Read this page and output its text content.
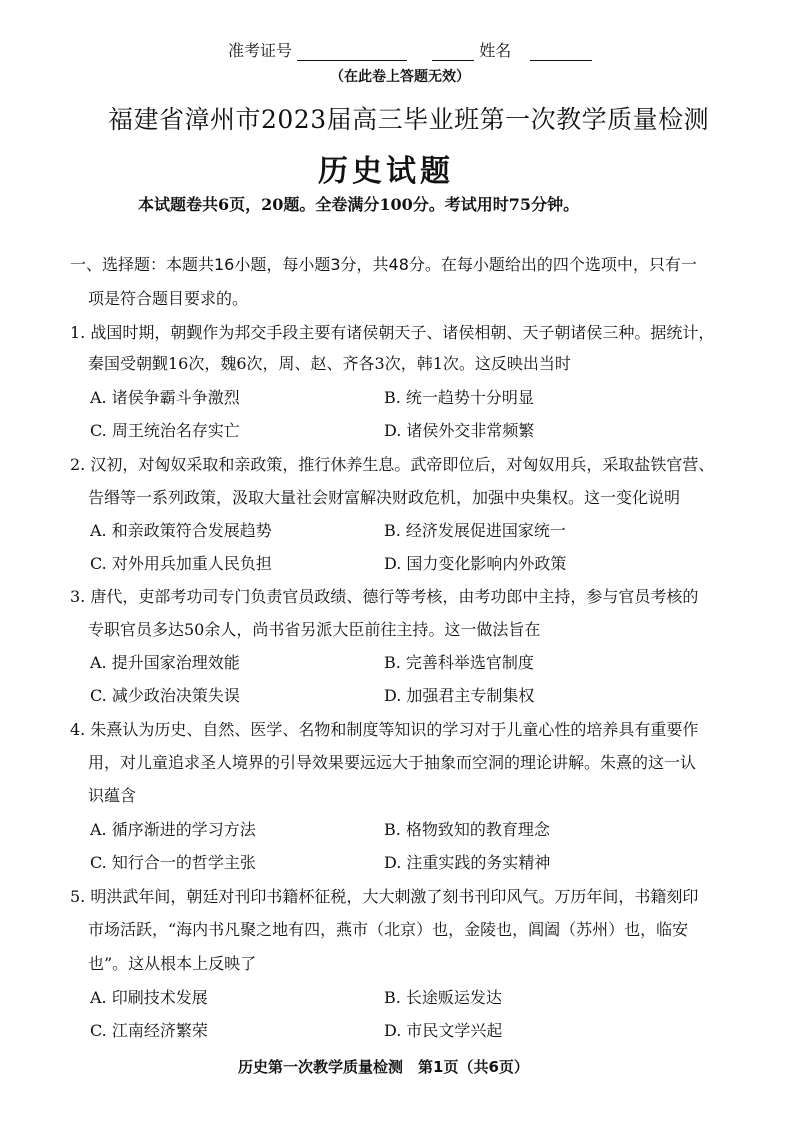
准考证号	姓名
（在此卷上答题无效）
福建省漳州市2023届高三毕业班第一次教学质量检测
历史试题
本试题卷共6页，20题。全卷满分100分。考试用时75分钟。
一、选择题：本题共16小题，每小题3分，共48分。在每小题给出的四个选项中，只有一
项是符合题目要求的。
1. 战国时期，朝觐作为邦交手段主要有诸侯朝天子、诸侯相朝、天子朝诸侯三种。据统计，
秦国受朝觐16次，魏6次，周、赵、齐各3次，韩1次。这反映出当时
A. 诸侯争霸斗争激烈	B. 统一趋势十分明显
C. 周王统治名存实亡	D. 诸侯外交非常频繁
2. 汉初，对匈奴采取和亲政策，推行休养生息。武帝即位后，对匈奴用兵，采取盐铁官营、
告缗等一系列政策，汲取大量社会财富解决财政危机，加强中央集权。这一变化说明
A. 和亲政策符合发展趋势	B. 经济发展促进国家统一
C. 对外用兵加重人民负担	D. 国力变化影响内外政策
3. 唐代，吏部考功司专门负责官员政绩、德行等考核，由考功郎中主持，参与官员考核的
专职官员多达50余人，尚书省另派大臣前往主持。这一做法旨在
A. 提升国家治理效能	B. 完善科举选官制度
C. 减少政治决策失误	D. 加强君主专制集权
4. 朱熹认为历史、自然、医学、名物和制度等知识的学习对于儿童心性的培养具有重要作
用，对儿童追求圣人境界的引导效果要远远大于抽象而空洞的理论讲解。朱熹的这一认
识蕴含
A. 循序渐进的学习方法	B. 格物致知的教育理念
C. 知行合一的哲学主张	D. 注重实践的务实精神
5. 明洪武年间，朝廷对刊印书籍杯征税，大大刺激了刻书刊印风气。万历年间，书籍刻印
市场活跃，“海内书凡聚之地有四，燕市（北京）也，金陵也，阊阖（苏州）也，临安
也”。这从根本上反映了
A. 印刷技术发展	B. 长途贩运发达
C. 江南经济繁荣	D. 市民文学兴起
历史第一次教学质量检测　第1页（共6页）
